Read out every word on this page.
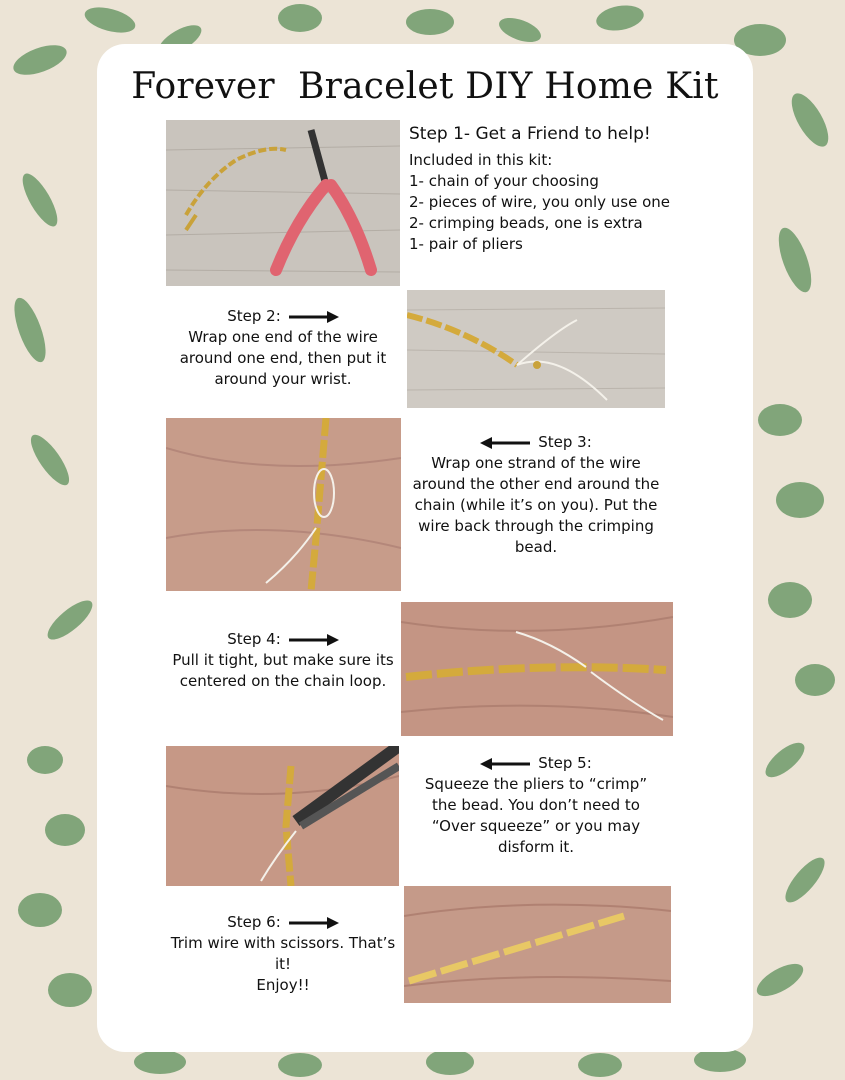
Forever  Bracelet DIY Home Kit
Step 1- Get a Friend to help!
Included in this kit:
1- chain of your choosing
2- pieces of wire, you only use one
2- crimping beads, one is extra
1- pair of pliers
Step 2:
Wrap one end of the wire
around one end, then put it
around your wrist.
Step 3:
Wrap one strand of the wire
around the other end around the
chain (while it’s on you). Put the
wire back through the crimping
bead.
Step 4:
Pull it tight, but make sure its
centered on the chain loop.
Step 5:
Squeeze the pliers to “crimp”
the bead. You don’t need to
“Over squeeze” or you may
disform it.
Step 6:
Trim wire with scissors. That’s
it!
Enjoy!!
